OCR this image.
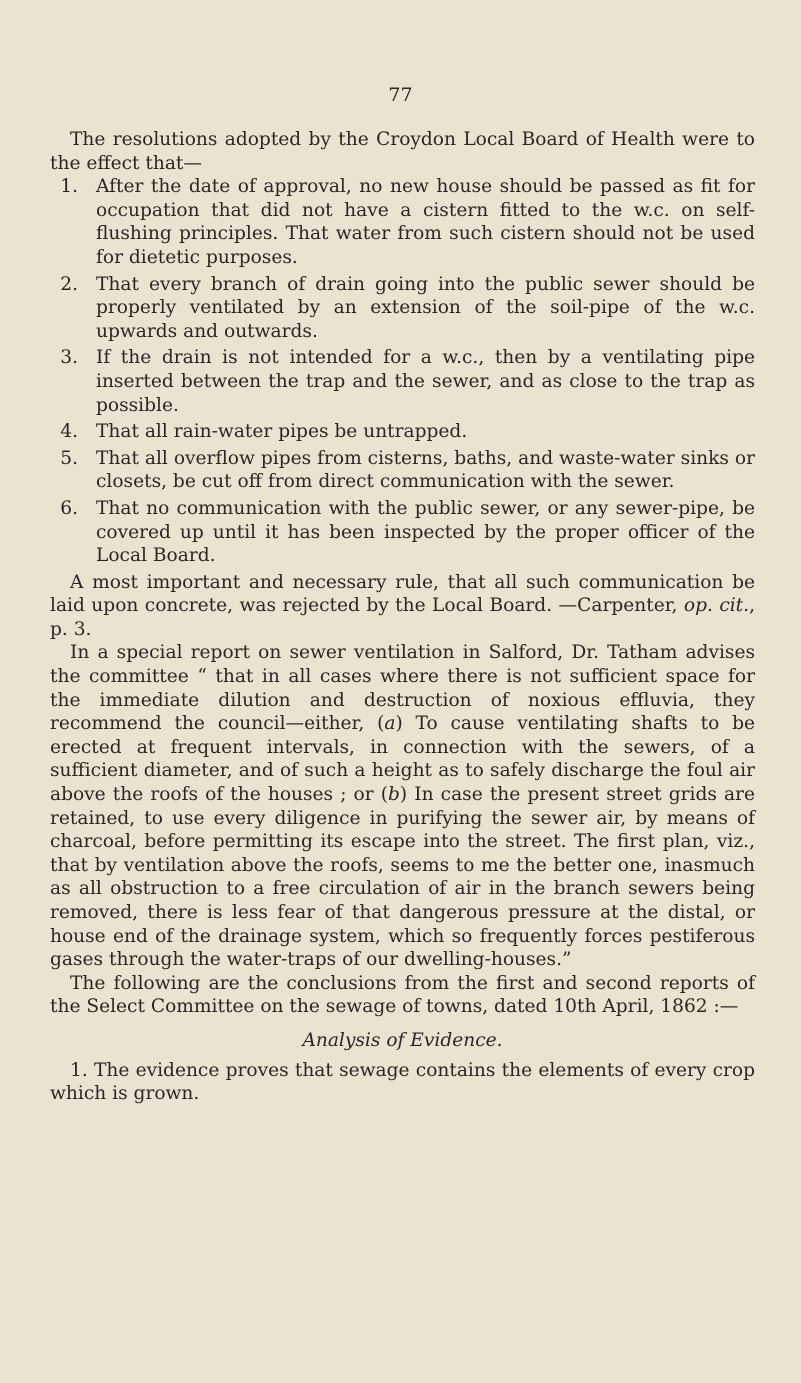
77

The resolutions adopted by the Croydon Local Board of Health were to the effect that—

1. After the date of approval, no new house should be passed as fit for occupation that did not have a cistern fitted to the w.c. on self-flushing principles. That water from such cistern should not be used for dietetic purposes.
2. That every branch of drain going into the public sewer should be properly ventilated by an extension of the soil-pipe of the w.c. upwards and outwards.
3. If the drain is not intended for a w.c., then by a ventilating pipe inserted between the trap and the sewer, and as close to the trap as possible.
4. That all rain-water pipes be untrapped.
5. That all overflow pipes from cisterns, baths, and waste-water sinks or closets, be cut off from direct communication with the sewer.
6. That no communication with the public sewer, or any sewer-pipe, be covered up until it has been inspected by the proper officer of the Local Board.

A most important and necessary rule, that all such communication be laid upon concrete, was rejected by the Local Board. —Carpenter, op. cit., p. 3.

In a special report on sewer ventilation in Salford, Dr. Tatham advises the committee “ that in all cases where there is not sufficient space for the immediate dilution and destruction of noxious effluvia, they recommend the council—either, (a) To cause ventilating shafts to be erected at frequent intervals, in connection with the sewers, of a sufficient diameter, and of such a height as to safely discharge the foul air above the roofs of the houses ; or (b) In case the present street grids are retained, to use every diligence in purifying the sewer air, by means of charcoal, before permitting its escape into the street. The first plan, viz., that by ventilation above the roofs, seems to me the better one, inasmuch as all obstruction to a free circulation of air in the branch sewers being removed, there is less fear of that dangerous pressure at the distal, or house end of the drainage system, which so frequently forces pestiferous gases through the water-traps of our dwelling-houses.”

The following are the conclusions from the first and second reports of the Select Committee on the sewage of towns, dated 10th April, 1862 :—

Analysis of Evidence.

1. The evidence proves that sewage contains the elements of every crop which is grown.
